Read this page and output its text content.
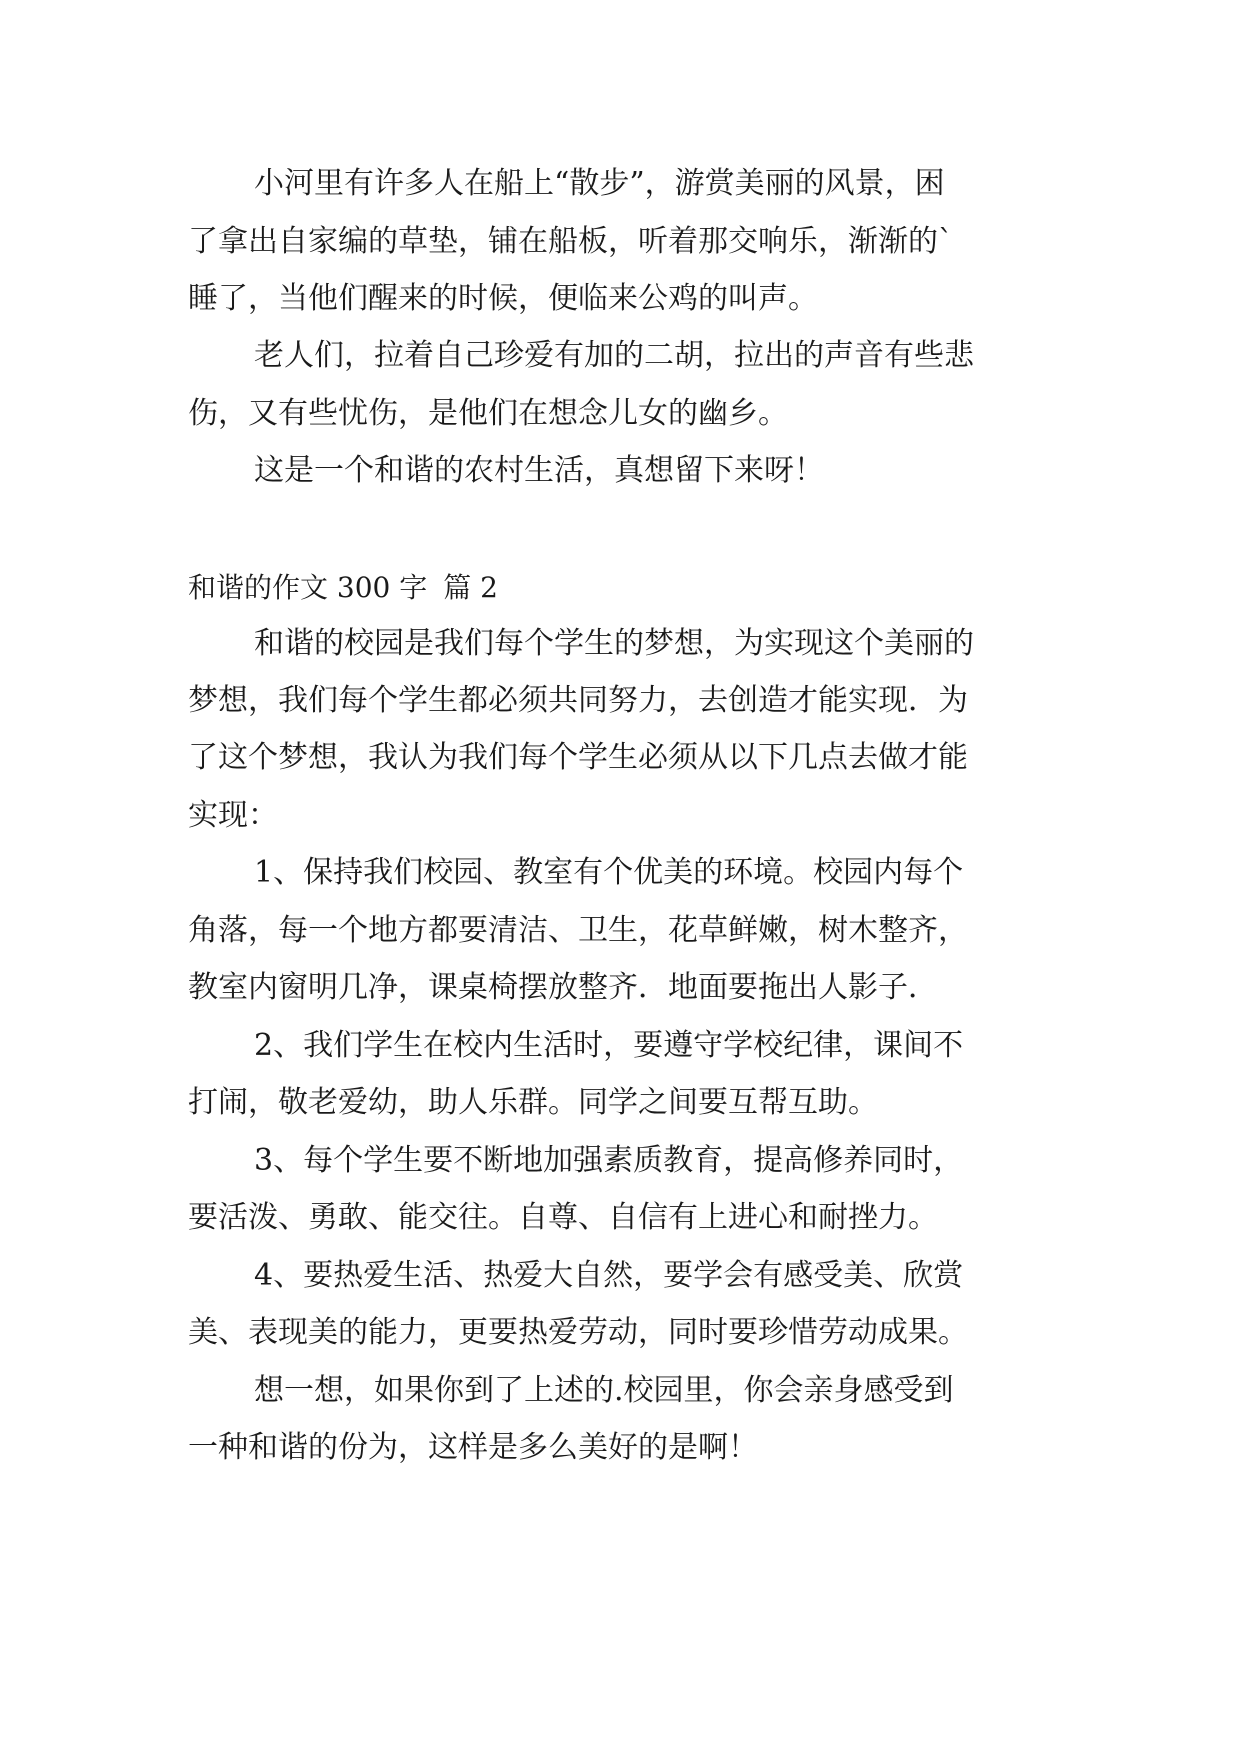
小河里有许多人在船上“散步”，游赏美丽的风景，困
了拿出自家编的草垫，铺在船板，听着那交响乐，渐渐的`
睡了，当他们醒来的时候，便临来公鸡的叫声。
老人们，拉着自己珍爱有加的二胡，拉出的声音有些悲
伤，又有些忧伤，是他们在想念儿女的幽乡。
这是一个和谐的农村生活，真想留下来呀！
和谐的作文 300 字 篇 2
和谐的校园是我们每个学生的梦想，为实现这个美丽的
梦想，我们每个学生都必须共同努力，去创造才能实现．为
了这个梦想，我认为我们每个学生必须从以下几点去做才能
实现：
1、保持我们校园、教室有个优美的环境。校园内每个
角落，每一个地方都要清洁、卫生，花草鲜嫩，树木整齐，
教室内窗明几净，课桌椅摆放整齐．地面要拖出人影子．
2、我们学生在校内生活时，要遵守学校纪律，课间不
打闹，敬老爱幼，助人乐群。同学之间要互帮互助。
3、每个学生要不断地加强素质教育，提高修养同时，
要活泼、勇敢、能交往。自尊、自信有上进心和耐挫力。
4、要热爱生活、热爱大自然，要学会有感受美、欣赏
美、表现美的能力，更要热爱劳动，同时要珍惜劳动成果。
想一想，如果你到了上述的.校园里，你会亲身感受到
一种和谐的份为，这样是多么美好的是啊！
